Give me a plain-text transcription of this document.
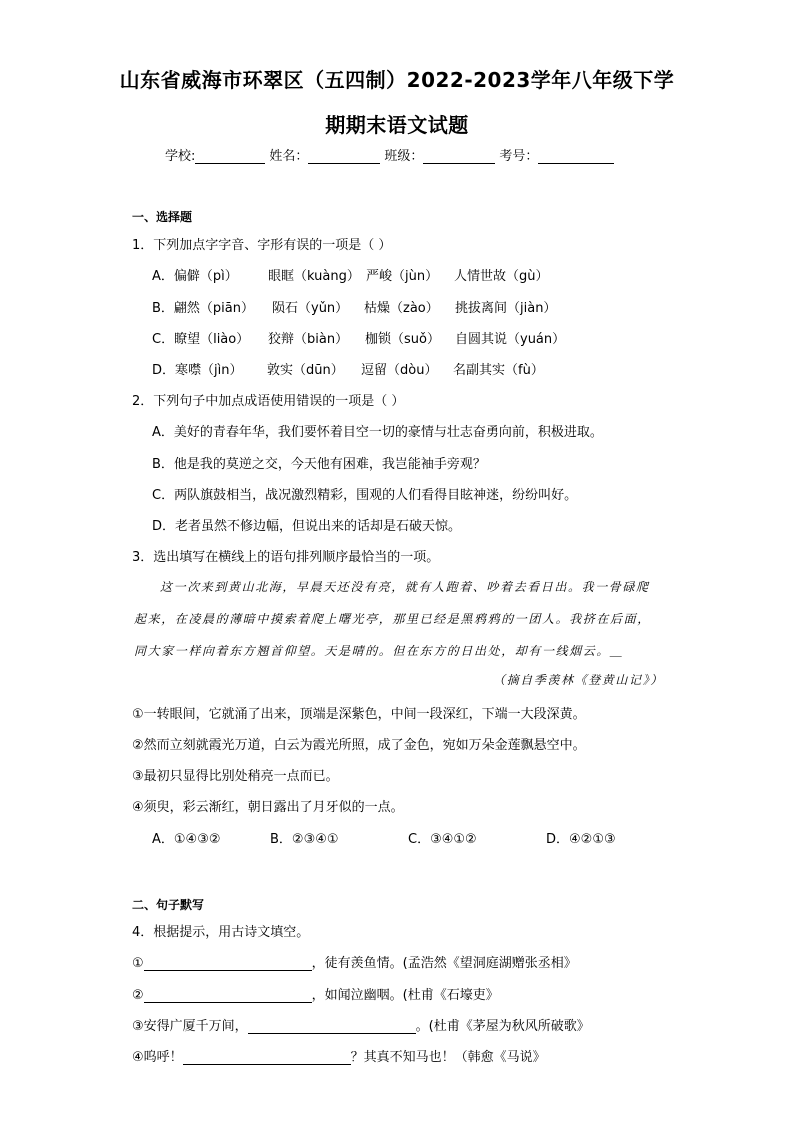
山东省威海市环翠区（五四制）2022-2023学年八年级下学
期期末语文试题
学校:	姓名：	班级：	考号：
一、选择题
1．下列加点字字音、字形有误的一项是（ ）
A．偏僻（pì） 眼眶（kuàng） 严峻（jùn） 人情世故（gù）
B．翩然（piān） 陨石（yǔn） 枯燥（zào） 挑拔离间（jiàn）
C．瞭望（liào） 狡辩（biàn） 枷锁（suǒ） 自圆其说（yuán）
D．寒噤（jìn） 敦实（dūn） 逗留（dòu） 名副其实（fù）
2．下列句子中加点成语使用错误的一项是（ ）
A．美好的青春年华，我们要怀着目空一切的豪情与壮志奋勇向前，积极进取。
B．他是我的莫逆之交，今天他有困难，我岂能袖手旁观？
C．两队旗鼓相当，战况激烈精彩，围观的人们看得目眩神迷，纷纷叫好。
D．老者虽然不修边幅，但说出来的话却是石破天惊。
3．选出填写在横线上的语句排列顺序最恰当的一项。
这一次来到黄山北海，早晨天还没有亮，就有人跑着、吵着去看日出。我一骨碌爬
起来，在凌晨的薄暗中摸索着爬上曙光亭，那里已经是黑鸦鸦的一团人。我挤在后面，
同大家一样向着东方翘首仰望。天是晴的。但在东方的日出处，却有一线烟云。＿
（摘自季羡林《登黄山记》）
①一转眼间，它就涌了出来，顶端是深紫色，中间一段深红，下端一大段深黄。
②然而立刻就霞光万道，白云为霞光所照，成了金色，宛如万朵金莲飘悬空中。
③最初只显得比别处稍亮一点而已。
④须臾，彩云渐红，朝日露出了月牙似的一点。
A．①④③②	B．②③④①	C．③④①②	D．④②①③
二、句子默写
4．根据提示，用古诗文填空。
①	，徒有羡鱼情。(孟浩然《望洞庭湖赠张丞相》
②	，如闻泣幽咽。(杜甫《石壕吏》
③安得广厦千万间，	。(杜甫《茅屋为秋风所破歌》
④呜呼！	？其真不知马也！（韩愈《马说》
